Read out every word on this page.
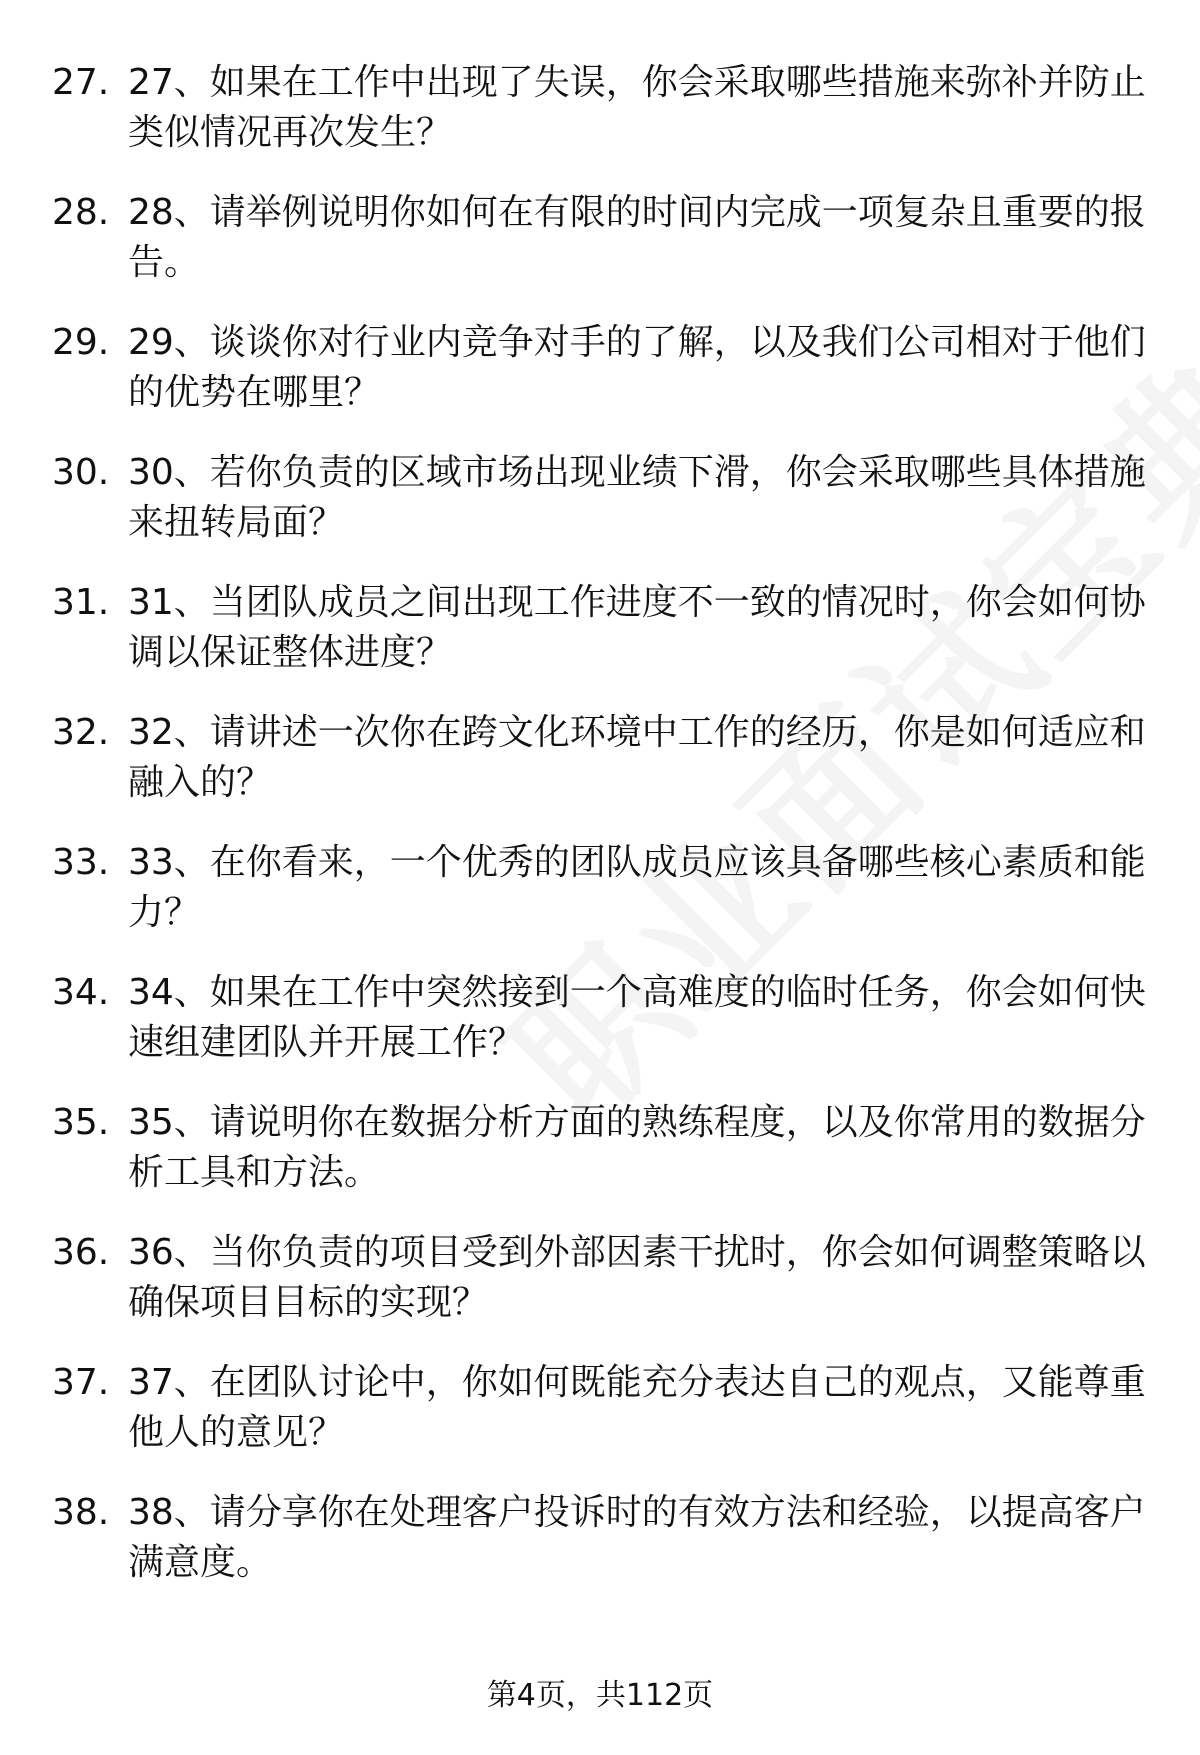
27. 27、如果在工作中出现了失误，你会采取哪些措施来弥补并防止类似情况再次发生？
28. 28、请举例说明你如何在有限的时间内完成一项复杂且重要的报告。
29. 29、谈谈你对行业内竞争对手的了解，以及我们公司相对于他们的优势在哪里？
30. 30、若你负责的区域市场出现业绩下滑，你会采取哪些具体措施来扭转局面？
31. 31、当团队成员之间出现工作进度不一致的情况时，你会如何协调以保证整体进度？
32. 32、请讲述一次你在跨文化环境中工作的经历，你是如何适应和融入的？
33. 33、在你看来，一个优秀的团队成员应该具备哪些核心素质和能力？
34. 34、如果在工作中突然接到一个高难度的临时任务，你会如何快速组建团队并开展工作？
35. 35、请说明你在数据分析方面的熟练程度，以及你常用的数据分析工具和方法。
36. 36、当你负责的项目受到外部因素干扰时，你会如何调整策略以确保项目目标的实现？
37. 37、在团队讨论中，你如何既能充分表达自己的观点，又能尊重他人的意见？
38. 38、请分享你在处理客户投诉时的有效方法和经验，以提高客户满意度。
第4页，共112页
